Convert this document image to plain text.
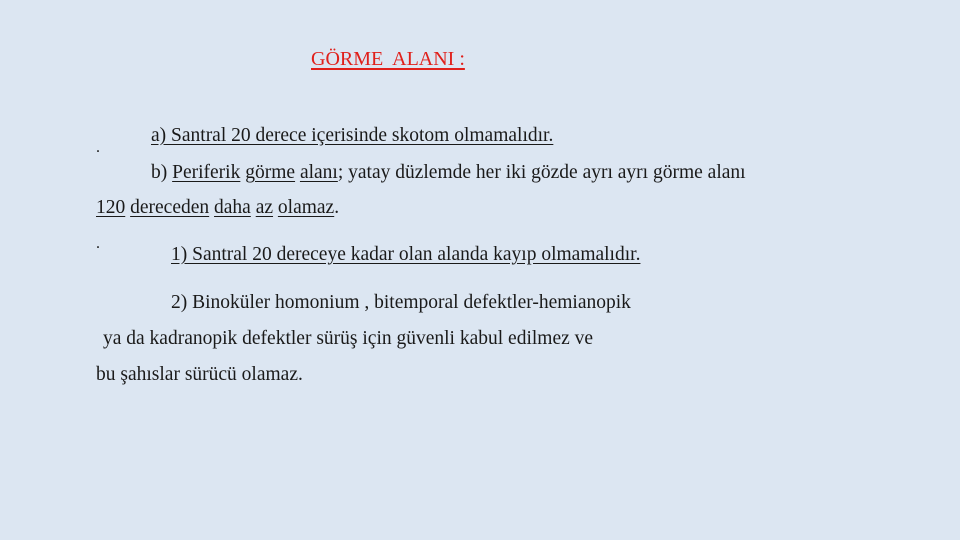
GÖRME  ALANI :
.
a) Santral 20 derece içerisinde skotom olmamalıdır.
b) Periferik görme alanı; yatay düzlemde her iki gözde ayrı ayrı görme alanı
120 dereceden daha az olamaz.
.
1) Santral 20 dereceye kadar olan alanda kayıp olmamalıdır.
2) Binoküler homonium , bitemporal defektler-hemianopik
ya da kadranopik defektler sürüş için güvenli kabul edilmez ve
bu şahıslar sürücü olamaz.
